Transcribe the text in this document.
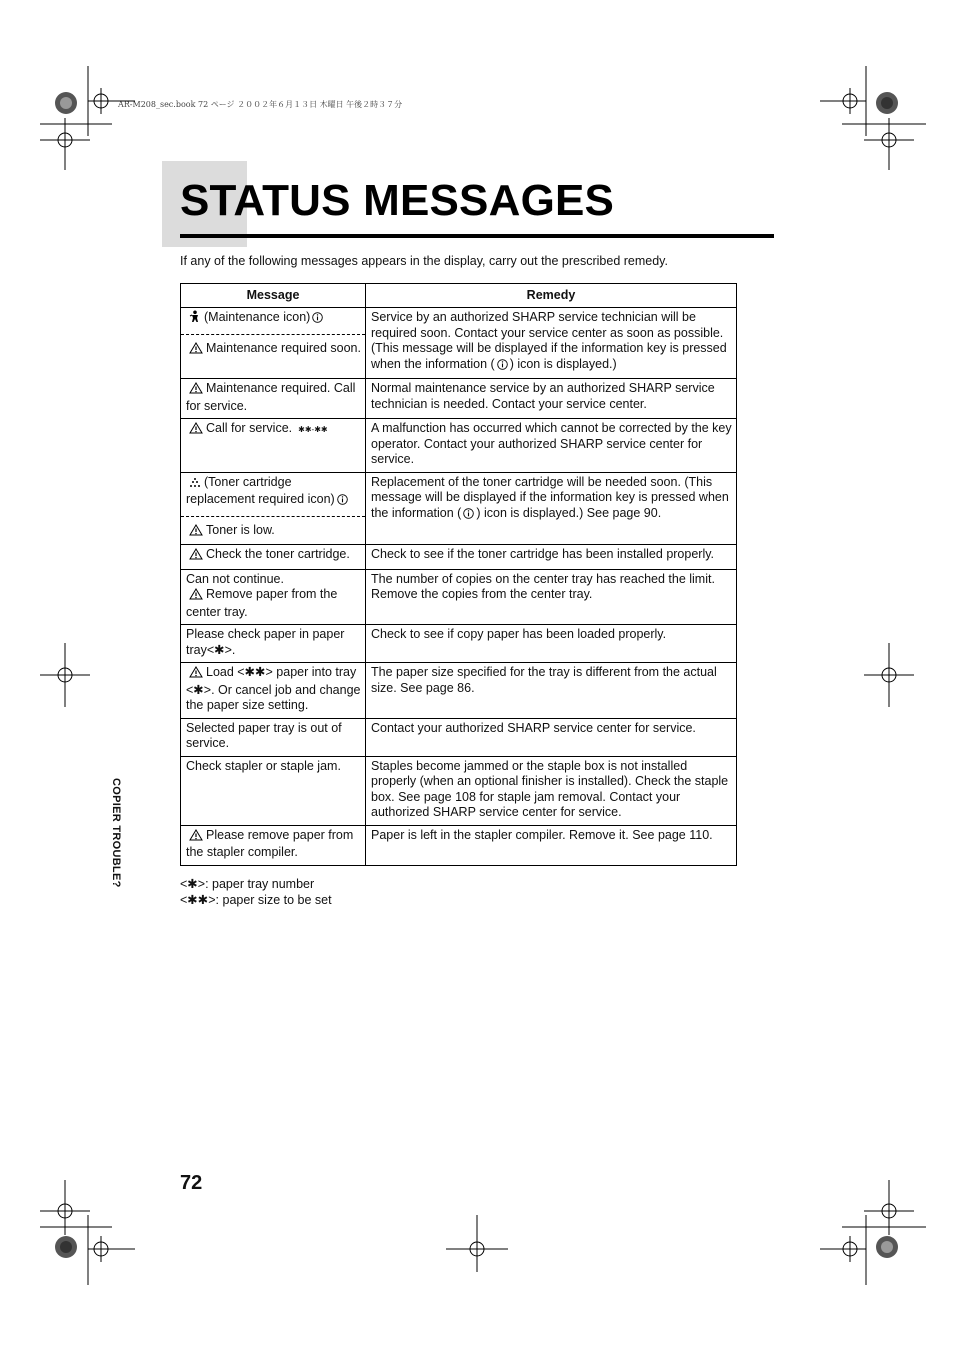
AR-M208_sec.book 72 ページ ２００２年６月１３日 木曜日 午後２時３７分
STATUS MESSAGES
If any of the following messages appears in the display, carry out the prescribed remedy.
Message	Remedy

(Maintenance icon)
Maintenance required soon.	Service by an authorized SHARP service technician will be required soon. Contact your service center as soon as possible. (This message will be displayed if the information key is pressed when the information ( ) icon is displayed.)

Maintenance required. Call for service.	Normal maintenance service by an authorized SHARP service technician is needed. Contact your service center.

Call for service. ✱✱-✱✱	A malfunction has occurred which cannot be corrected by the key operator. Contact your authorized SHARP service center for service.

(Toner cartridge replacement required icon)
Toner is low.	Replacement of the toner cartridge will be needed soon. (This message will be displayed if the information key is pressed when the information ( ) icon is displayed.) See page 90.

Check the toner cartridge.	Check to see if the toner cartridge has been installed properly.

Can not continue.
Remove paper from the center tray.	The number of copies on the center tray has reached the limit. Remove the copies from the center tray.

Please check paper in paper tray<✱>.	Check to see if copy paper has been loaded properly.

Load <✱✱> paper into tray <✱>. Or cancel job and change the paper size setting.	The paper size specified for the tray is different from the actual size. See page 86.

Selected paper tray is out of service.	Contact your authorized SHARP service center for service.

Check stapler or staple jam.	Staples become jammed or the staple box is not installed properly (when an optional finisher is installed). Check the staple box. See page 108 for staple jam removal. Contact your authorized SHARP service center for service.

Please remove paper from the stapler compiler.	Paper is left in the stapler compiler. Remove it. See page 110.
<✱>: paper tray number
<✱✱>: paper size to be set
COPIER TROUBLE?
72
